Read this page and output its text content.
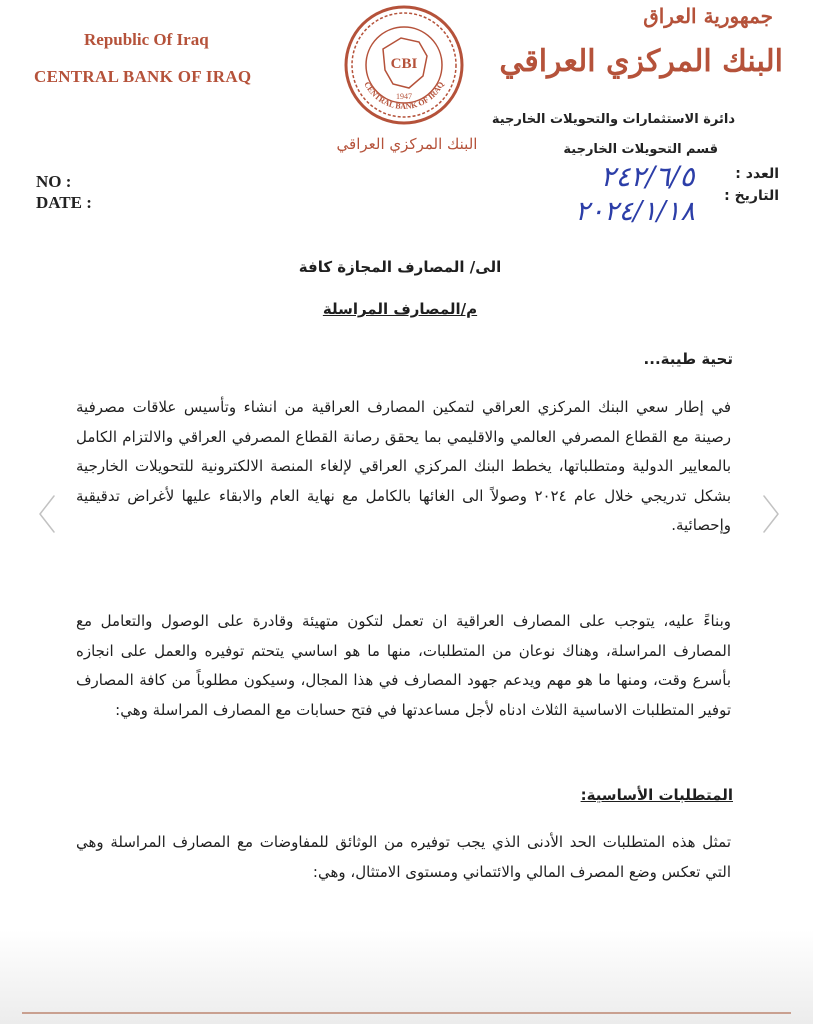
Republic Of Iraq
CENTRAL BANK OF IRAQ
NO :
DATE :
CBI
1947
CENTRAL BANK OF IRAQ
البنك المركزي العراقي
جمهورية العراق
البنك المركزي العراقي
دائرة الاستثمارات والتحويلات الخارجية
قسم التحويلات الخارجية
العدد :
التاريخ :
٢٤٢/٦/٥
٢٠٢٤/١/١٨
الى/ المصارف المجازة كافة
م/المصارف المراسلة
تحية طيبة...
في إطار سعي البنك المركزي العراقي لتمكين المصارف العراقية من انشاء وتأسيس علاقات مصرفية رصينة مع القطاع المصرفي العالمي والاقليمي بما يحقق رصانة القطاع المصرفي العراقي والالتزام الكامل بالمعايير الدولية ومتطلباتها، يخطط البنك المركزي العراقي لإلغاء المنصة الالكترونية للتحويلات الخارجية بشكل تدريجي خلال عام ٢٠٢٤ وصولاً الى الغائها بالكامل مع نهاية العام والابقاء عليها لأغراض تدقيقية وإحصائية.
وبناءً عليه، يتوجب على المصارف العراقية ان تعمل لتكون متهيئة وقادرة على الوصول والتعامل مع المصارف المراسلة، وهناك نوعان من المتطلبات، منها ما هو اساسي يتحتم توفيره والعمل على انجازه بأسرع وقت، ومنها ما هو مهم ويدعم جهود المصارف في هذا المجال، وسيكون مطلوباً من كافة المصارف توفير المتطلبات الاساسية الثلاث ادناه لأجل مساعدتها في فتح حسابات مع المصارف المراسلة وهي:
المتطلبات الأساسية:
تمثل هذه المتطلبات الحد الأدنى الذي يجب توفيره من الوثائق للمفاوضات مع المصارف المراسلة وهي التي تعكس وضع المصرف المالي والائتماني ومستوى الامتثال، وهي:
